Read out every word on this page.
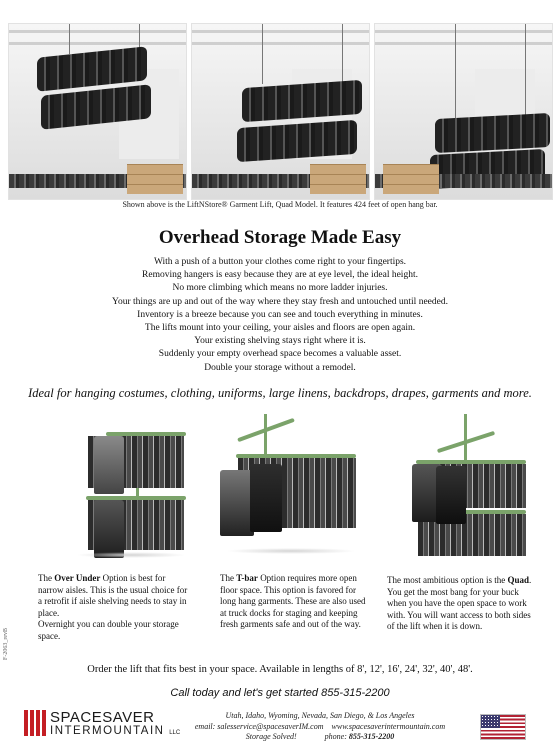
Shown above is the LiftNStore® Garment Lift, Quad Model. It features 424 feet of open hang bar.
Overhead Storage Made Easy
With a push of a button your clothes come right to your fingertips.
Removing hangers is easy because they are at eye level, the ideal height.
No more climbing which means no more ladder injuries.
Your things are up and out of the way where they stay fresh and untouched until needed.
Inventory is a breeze because you can see and touch everything in minutes.
The lifts mount into your ceiling, your aisles and floors are open again.
Your existing shelving stays right where it is.
Suddenly your empty overhead space becomes a valuable asset.
Double your storage without a remodel.
Ideal for hanging costumes, clothing, uniforms, large linens, backdrops, drapes, garments and more.
The Over Under Option is best for narrow aisles. This is the usual choice for a retrofit if aisle shelving needs to stay in place.
Overnight you can double your storage space.
The T-bar Option requires more open floor space. This option is favored for long hang garments. These are also used at truck docks for staging and keeping fresh garments safe and out of the way.
The most ambitious option is the Quad. You get the most bang for your buck when you have the open space to work with. You will want access to both sides of the lift when it is down.
Order the lift that fits best in your space. Available in lengths of 8', 12', 16', 24', 32', 40', 48'.
Call today and let's get started 855-315-2200
F-2063_revB
SPACESAVER
INTERMOUNTAIN LLC
Utah, Idaho, Wyoming, Nevada, San Diego, & Los Angeles
email: salesservice@spacesaverIM.com www.spacesaverintermountain.com
Storage Solved!	phone: 855-315-2200
